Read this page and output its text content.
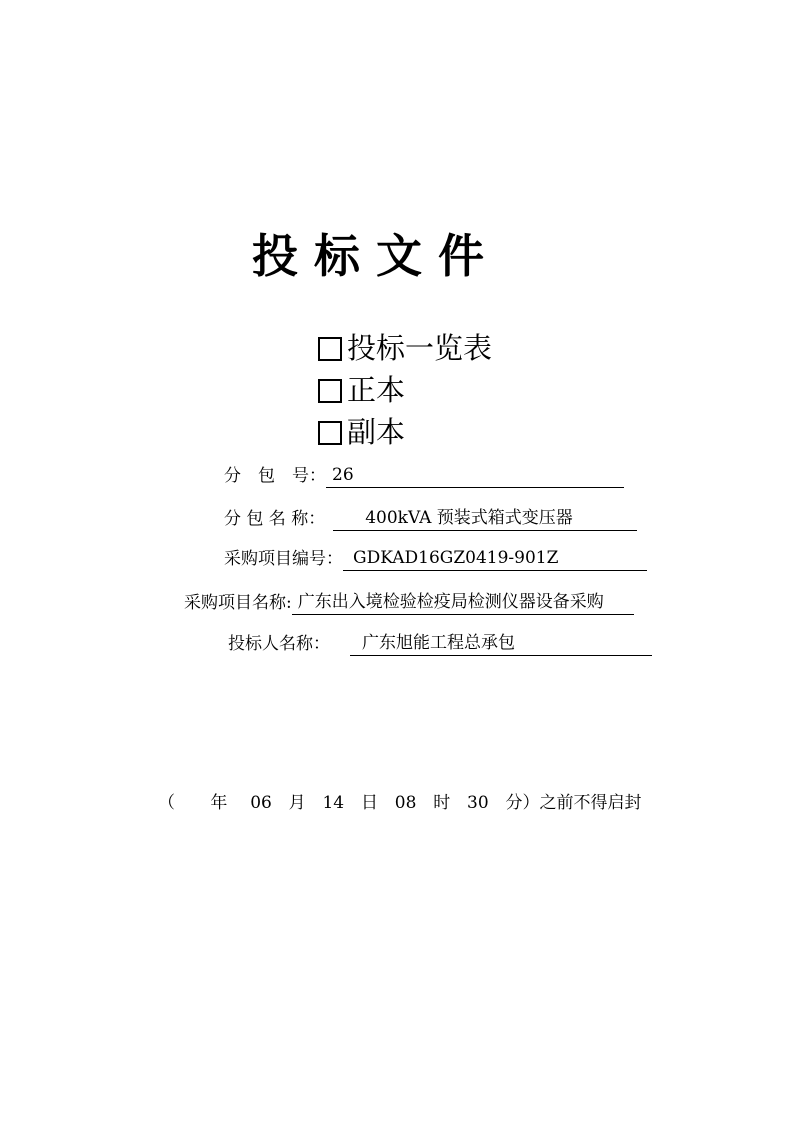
投标文件
投标一览表
正本
副本
分　包　号： 26
分 包 名 称：	400kVA 预装式箱式变压器
采购项目编号： GDKAD16GZ0419-901Z
采购项目名称: 广东出入境检验检疫局检测仪器设备采购
投标人名称：	广东旭能工程总承包
（ 年 06 月 14 日 08 时 30 分）之前不得启封
